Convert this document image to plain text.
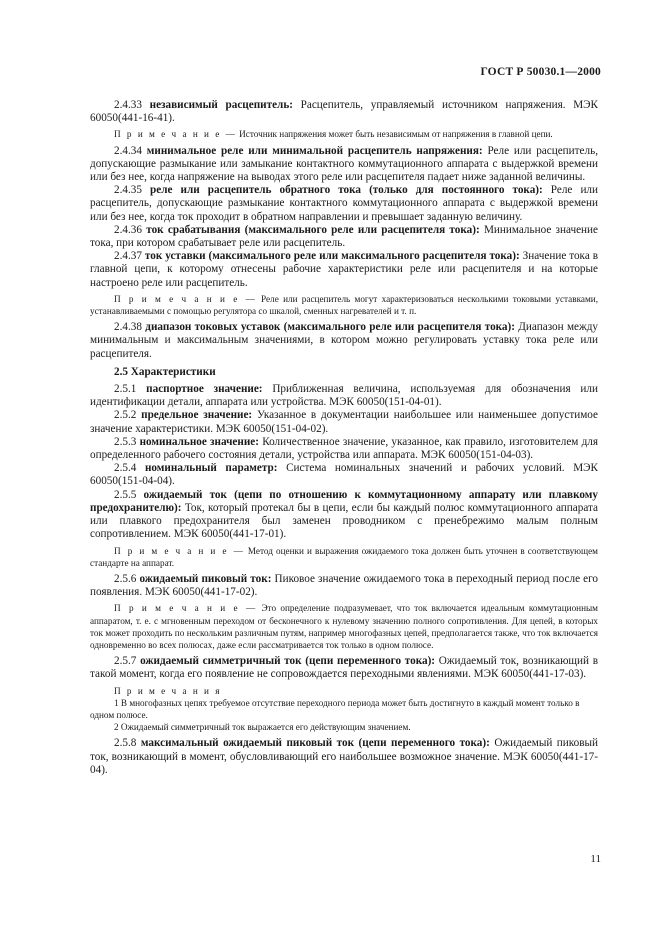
ГОСТ Р 50030.1—2000

2.4.33 независимый расцепитель: Расцепитель, управляемый источником напряжения. МЭК 60050(441-16-41).

П р и м е ч а н и е — Источник напряжения может быть независимым от напряжения в главной цепи.

2.4.34 минимальное реле или минимальной расцепитель напряжения: Реле или расцепитель, допускающие размыкание или замыкание контактного коммутационного аппарата с выдержкой времени или без нее, когда напряжение на выводах этого реле или расцепителя падает ниже заданной величины.

2.4.35 реле или расцепитель обратного тока (только для постоянного тока): Реле или расцепитель, допускающие размыкание контактного коммутационного аппарата с выдержкой времени или без нее, когда ток проходит в обратном направлении и превышает заданную величину.

2.4.36 ток срабатывания (максимального реле или расцепителя тока): Минимальное значение тока, при котором срабатывает реле или расцепитель.

2.4.37 ток уставки (максимального реле или максимального расцепителя тока): Значение тока в главной цепи, к которому отнесены рабочие характеристики реле или расцепителя и на которые настроено реле или расцепитель.

П р и м е ч а н и е — Реле или расцепитель могут характеризоваться несколькими токовыми уставками, устанавливаемыми с помощью регулятора со шкалой, сменных нагревателей и т. п.

2.4.38 диапазон токовых уставок (максимального реле или расцепителя тока): Диапазон между минимальным и максимальным значениями, в котором можно регулировать уставку тока реле или расцепителя.

2.5 Характеристики

2.5.1 паспортное значение: Приближенная величина, используемая для обозначения или идентификации детали, аппарата или устройства. МЭК 60050(151-04-01).

2.5.2 предельное значение: Указанное в документации наибольшее или наименьшее допустимое значение характеристики. МЭК 60050(151-04-02).

2.5.3 номинальное значение: Количественное значение, указанное, как правило, изготовителем для определенного рабочего состояния детали, устройства или аппарата. МЭК 60050(151-04-03).

2.5.4 номинальный параметр: Система номинальных значений и рабочих условий. МЭК 60050(151-04-04).

2.5.5 ожидаемый ток (цепи по отношению к коммутационному аппарату или плавкому предохранителю): Ток, который протекал бы в цепи, если бы каждый полюс коммутационного аппарата или плавкого предохранителя был заменен проводником с пренебрежимо малым полным сопротивлением. МЭК 60050(441-17-01).

П р и м е ч а н и е — Метод оценки и выражения ожидаемого тока должен быть уточнен в соответствующем стандарте на аппарат.

2.5.6 ожидаемый пиковый ток: Пиковое значение ожидаемого тока в переходный период после его появления. МЭК 60050(441-17-02).

П р и м е ч а н и е — Это определение подразумевает, что ток включается идеальным коммутационным аппаратом, т. е. с мгновенным переходом от бесконечного к нулевому значению полного сопротивления. Для цепей, в которых ток может проходить по нескольким различным путям, например многофазных цепей, предполагается также, что ток включается одновременно во всех полюсах, даже если рассматривается ток только в одном полюсе.

2.5.7 ожидаемый симметричный ток (цепи переменного тока): Ожидаемый ток, возникающий в такой момент, когда его появление не сопровождается переходными явлениями. МЭК 60050(441-17-03).

П р и м е ч а н и я
1 В многофазных цепях требуемое отсутствие переходного периода может быть достигнуто в каждый момент только в одном полюсе.
2 Ожидаемый симметричный ток выражается его действующим значением.

2.5.8 максимальный ожидаемый пиковый ток (цепи переменного тока): Ожидаемый пиковый ток, возникающий в момент, обусловливающий его наибольшее возможное значение. МЭК 60050(441-17-04).

11
